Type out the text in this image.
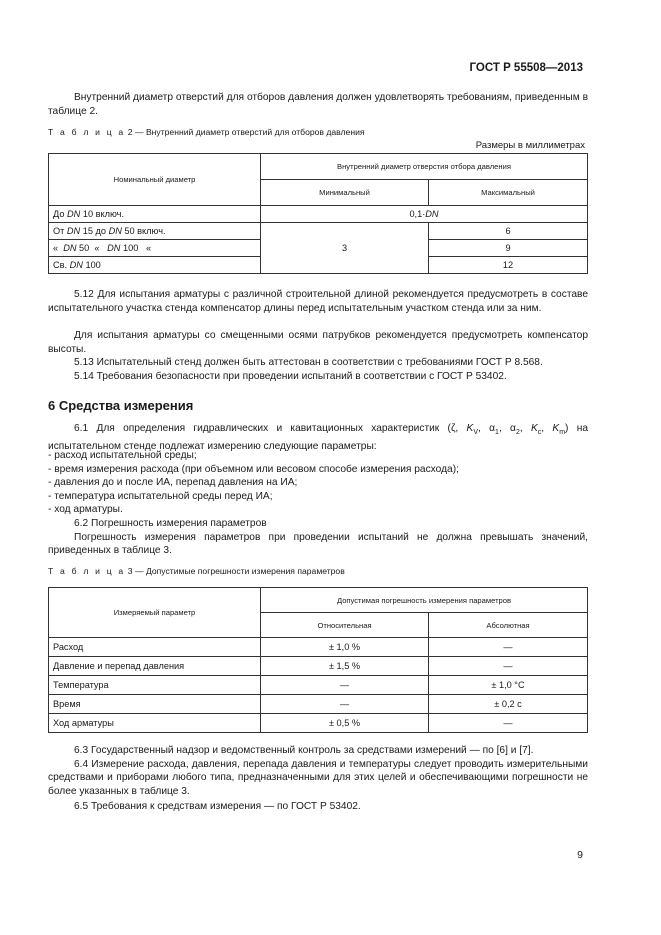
ГОСТ Р 55508—2013
Внутренний диаметр отверстий для отборов давления должен удовлетворять требованиям, приведенным в таблице 2.
Т а б л и ц а 2 — Внутренний диаметр отверстий для отборов давления
Размеры в миллиметрах
Номинальный диаметр	Внутренний диаметр отверстия отбора давления	
	Минимальный	Максимальный
До DN 10 включ.	0,1·DN	
От DN 15 до DN 50 включ.	3	6
«  DN 50  «   DN 100   «		9
Св. DN 100		12
5.12 Для испытания арматуры с различной строительной длиной рекомендуется предусмотреть в составе испытательного участка стенда компенсатор длины перед испытательным участком стенда или за ним.
Для испытания арматуры со смещенными осями патрубков рекомендуется предусмотреть компенсатор высоты.
5.13 Испытательный стенд должен быть аттестован в соответствии с требованиями ГОСТ Р 8.568.
5.14 Требования безопасности при проведении испытаний в соответствии с ГОСТ Р 53402.
6 Средства измерения
6.1 Для определения гидравлических и кавитационных характеристик (ζ, $K_V$, $\alpha_1$, $\alpha_2$, $K_c$, $K_m$) на испытательном стенде подлежат измерению следующие параметры:
- расход испытательной среды;
- время измерения расхода (при объемном или весовом способе измерения расхода);
- давления до и после ИА, перепад давления на ИА;
- температура испытательной среды перед ИА;
- ход арматуры.
6.2 Погрешность измерения параметров
Погрешность измерения параметров при проведении испытаний не должна превышать значений, приведенных в таблице 3.
Т а б л и ц а 3 — Допустимые погрешности измерения параметров
Измеряемый параметр	Допустимая погрешность измерения параметров	
	Относительная	Абсолютная
Расход	± 1,0 %	—
Давление и перепад давления	± 1,5 %	—
Температура	—	± 1,0 °С
Время	—	± 0,2 с
Ход арматуры	± 0,5 %	—
6.3 Государственный надзор и ведомственный контроль за средствами измерений — по [6] и [7].
6.4 Измерение расхода, давления, перепада давления и температуры следует проводить измерительными средствами и приборами любого типа, предназначенными для этих целей и обеспечивающими погрешности не более указанных в таблице 3.
6.5 Требования к средствам измерения — по ГОСТ Р 53402.
9
